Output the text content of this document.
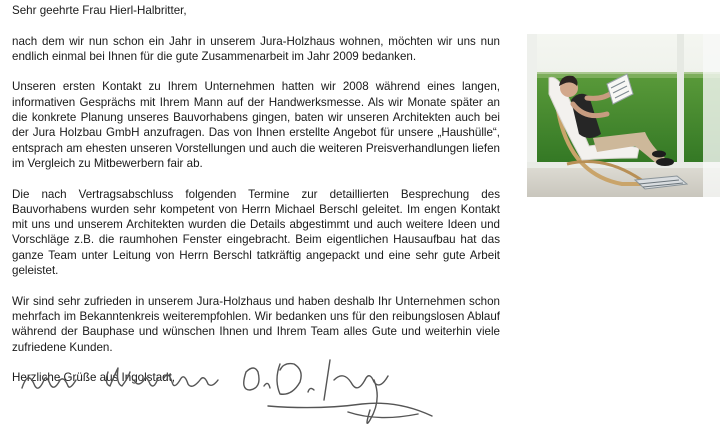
Sehr geehrte Frau Hierl-Halbritter,

nach dem wir nun schon ein Jahr in unserem Jura-Holzhaus wohnen, möchten wir uns nun endlich einmal bei Ihnen für die gute Zusammenarbeit im Jahr 2009 bedanken.

Unseren ersten Kontakt zu Ihrem Unternehmen hatten wir 2008 während eines langen, informativen Gesprächs mit Ihrem Mann auf der Handwerksmesse. Als wir Monate später an die konkrete Planung unseres Bauvorhabens gingen, baten wir unseren Architekten auch bei der Jura Holzbau GmbH anzufragen. Das von Ihnen erstellte Angebot für unsere „Haushülle“, entsprach am ehesten unseren Vorstellungen und auch die weiteren Preisverhandlungen liefen im Vergleich zu Mitbewerbern fair ab.

Die nach Vertragsabschluss folgenden Termine zur detaillierten Besprechung des Bauvorhabens wurden sehr kompetent von Herrn Michael Berschl geleitet. Im engen Kontakt mit uns und unserem Architekten wurden die Details abgestimmt und auch weitere Ideen und Vorschläge z.B. die raumhohen Fenster eingebracht. Beim eigentlichen Hausaufbau hat das ganze Team unter Leitung von Herrn Berschl tatkräftig angepackt und eine sehr gute Arbeit geleistet.

Wir sind sehr zufrieden in unserem Jura-Holzhaus und haben deshalb Ihr Unternehmen schon mehrfach im Bekanntenkreis weiterempfohlen. Wir bedanken uns für den reibungslosen Ablauf während der Bauphase und wünschen Ihnen und Ihrem Team alles Gute und weiterhin viele zufriedene Kunden.

Herzliche Grüße aus Ingolstadt,
